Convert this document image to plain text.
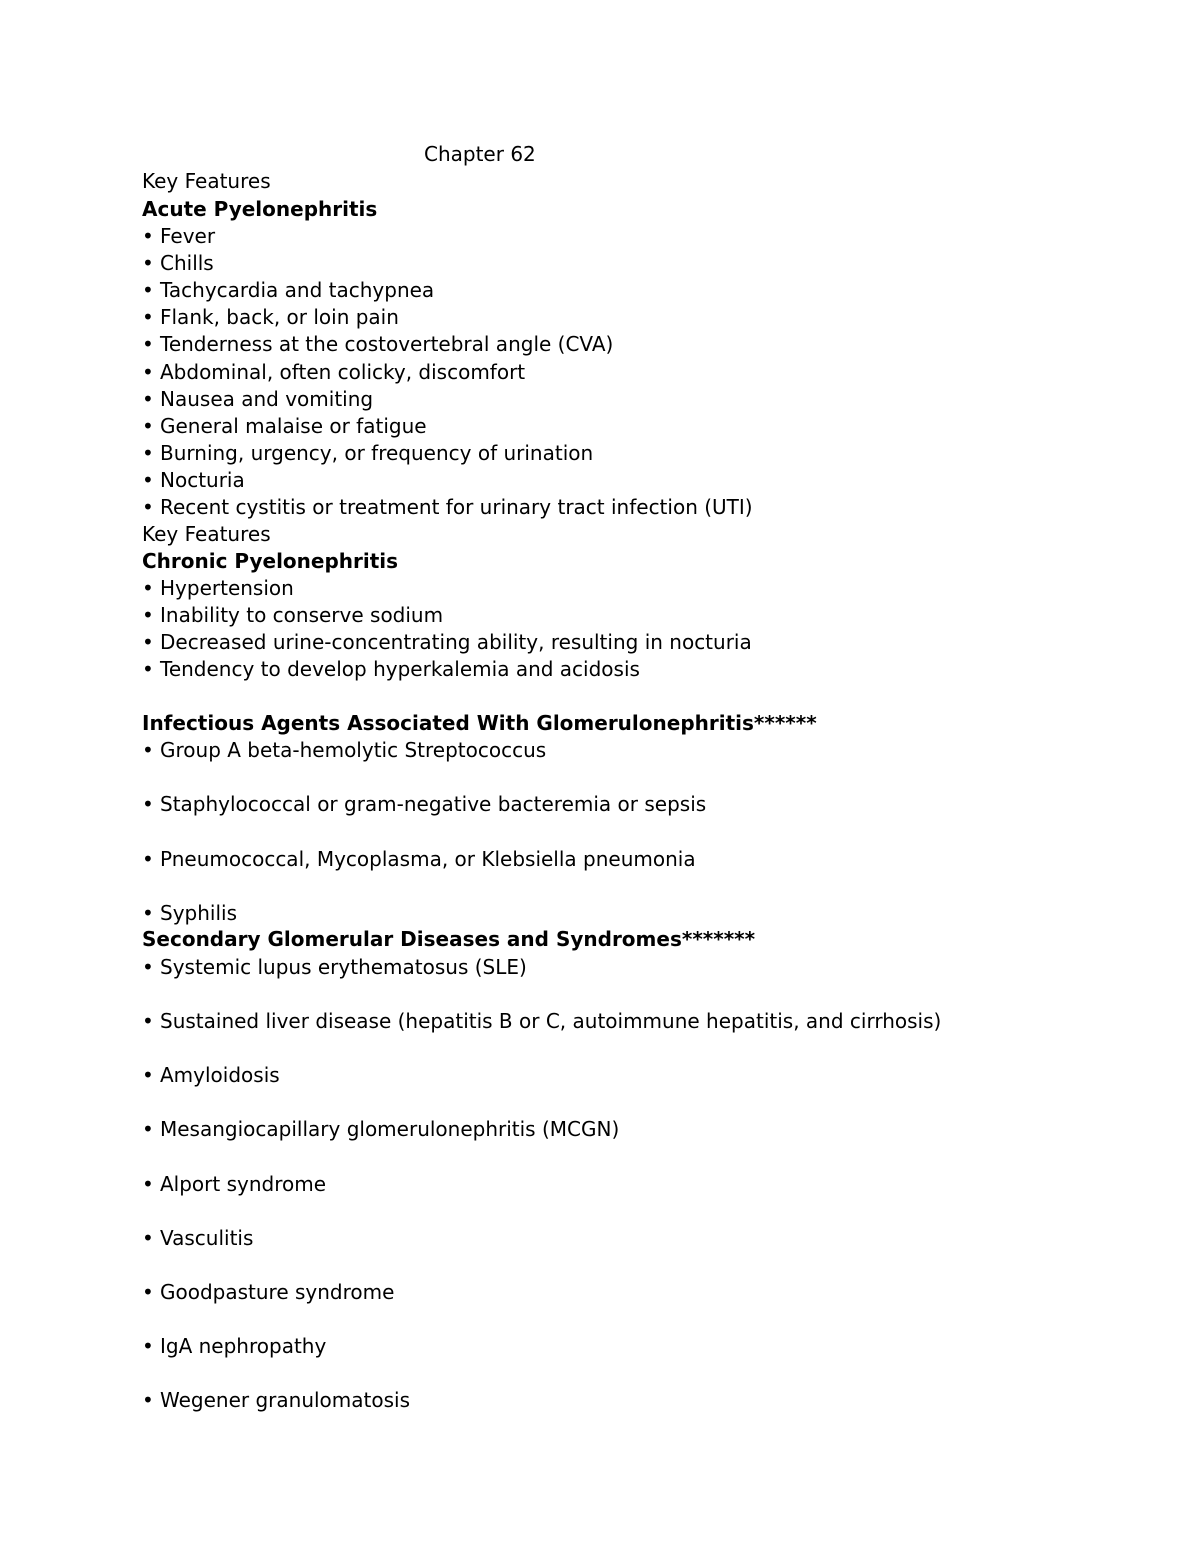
Chapter 62
Key Features
Acute Pyelonephritis
• Fever
• Chills
• Tachycardia and tachypnea
• Flank, back, or loin pain
• Tenderness at the costovertebral angle (CVA)
• Abdominal, often colicky, discomfort
• Nausea and vomiting
• General malaise or fatigue
• Burning, urgency, or frequency of urination
• Nocturia
• Recent cystitis or treatment for urinary tract infection (UTI)
Key Features
Chronic Pyelonephritis
• Hypertension
• Inability to conserve sodium
• Decreased urine-concentrating ability, resulting in nocturia
• Tendency to develop hyperkalemia and acidosis
Infectious Agents Associated With Glomerulonephritis******
• Group A beta-hemolytic Streptococcus
• Staphylococcal or gram-negative bacteremia or sepsis
• Pneumococcal, Mycoplasma, or Klebsiella pneumonia
• Syphilis
Secondary Glomerular Diseases and Syndromes*******
• Systemic lupus erythematosus (SLE)
• Sustained liver disease (hepatitis B or C, autoimmune hepatitis, and cirrhosis)
• Amyloidosis
• Mesangiocapillary glomerulonephritis (MCGN)
• Alport syndrome
• Vasculitis
• Goodpasture syndrome
• IgA nephropathy
• Wegener granulomatosis
